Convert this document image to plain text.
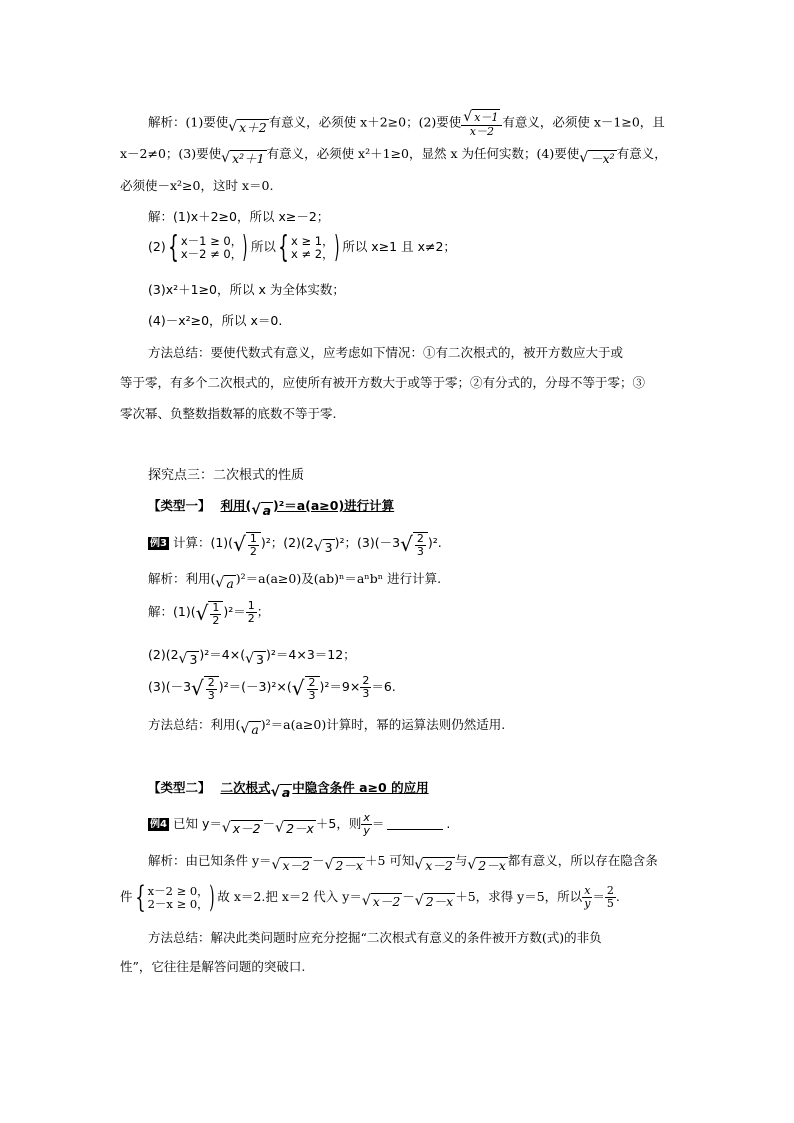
解析：(1)要使 √ x＋2 有意义，必须使 x＋2≥0；(2)要使 $\frac{√ x-1}{x-2}$ 有意义，必须使 x－1≥0，且
x－2≠0；(3)要使 √ x²＋1 有意义，必须使 x²＋1≥0，显然 x 为任何实数；(4)要使 √ －x² 有意义，
必须使－x²≥0，这时 x＝0.
解：(1)x＋2≥0，所以 x≥－2；
(2) { x－1 ≥ 0，
x－2 ≠ 0， ) 所以 { x ≥ 1，
x ≠ 2， ) 所以 x≥1 且 x≠2；
(3)x²＋1≥0，所以 x 为全体实数；
(4)－x²≥0，所以 x＝0.
方法总结：要使代数式有意义，应考虑如下情况：①有二次根式的，被开方数应大于或
等于零，有多个二次根式的，应使所有被开方数大于或等于零；②有分式的，分母不等于零；③
零次幂、负整数指数幂的底数不等于零.
探究点三：二次根式的性质
【类型一】 利用( √ a )²＝a(a≥0)进行计算
例3 计算：(1)( √ $\frac{1}{2} )^2$；(2)(2 √ 3 )²；(3)(－3 √ $\frac{2}{3} )^2$.
解析：利用( √ a )²＝a(a≥0)及(ab)ⁿ＝aⁿbⁿ 进行计算.
解：(1)( √ $\frac{1}{2} )^2= \frac{1}{2}$ ；
(2)(2 √ 3 )²＝4×( √ 3 )²＝4×3＝12；
(3)(－3 √ $\frac{2}{3} )^2=(-3)^2\times$( √ $\frac{2}{3} )^2=9\times \frac{2}{3} =6$.
方法总结：利用( √ a )²＝a(a≥0)计算时，幂的运算法则仍然适用.
【类型二】 二次根式 √ a 中隐含条件 a≥0 的应用
例4 已知 y＝ √ x－2 － √ 2－x ＋5，则 $\frac{x}{y}$ ＝	.
解析：由已知条件 y＝ √ x－2 － √ 2－x ＋5 可知 √ x－2 与 √ 2－x 都有意义，所以存在隐含条
件 { x－2 ≥ 0，
2－x ≥ 0， ) 故 x＝2.把 x＝2 代入 y＝ √ x－2 － √ 2－x ＋5，求得 y＝5，所以 $\frac{x}{y} = \frac{2}{5}$ .
方法总结：解决此类问题时应充分挖掘“二次根式有意义的条件被开方数(式)的非负
性”，它往往是解答问题的突破口.
